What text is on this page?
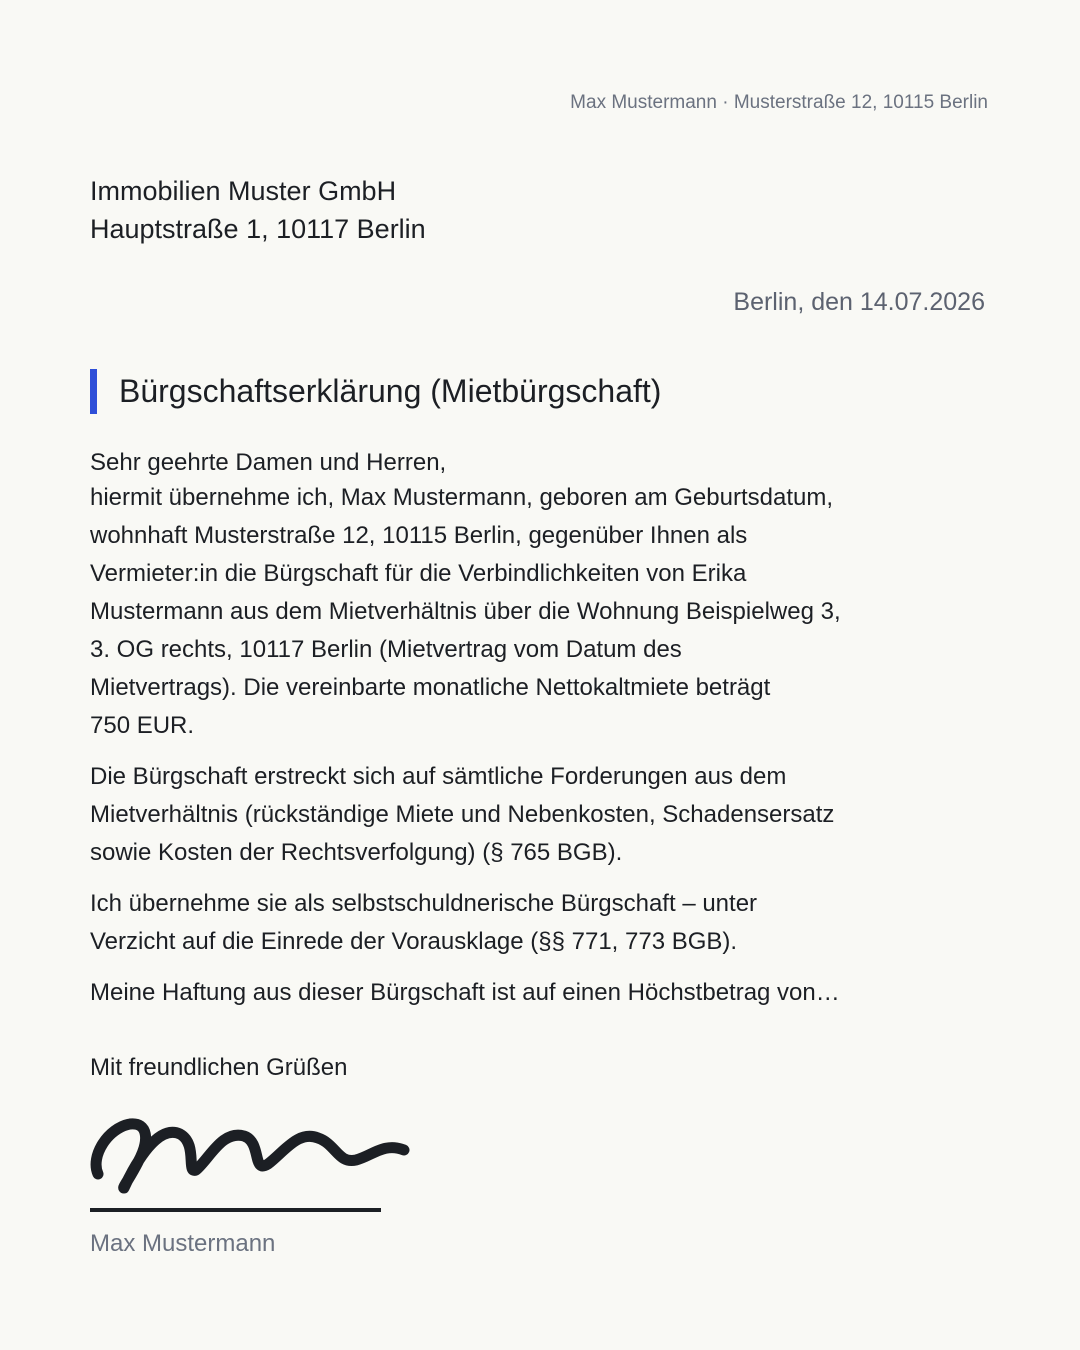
Max Mustermann · Musterstraße 12, 10115 Berlin
Immobilien Muster GmbH
Hauptstraße 1, 10117 Berlin
Berlin, den 14.07.2026
Bürgschaftserklärung (Mietbürgschaft)
Sehr geehrte Damen und Herren,
hiermit übernehme ich, Max Mustermann, geboren am Geburtsdatum,
wohnhaft Musterstraße 12, 10115 Berlin, gegenüber Ihnen als
Vermieter:in die Bürgschaft für die Verbindlichkeiten von Erika
Mustermann aus dem Mietverhältnis über die Wohnung Beispielweg 3,
3. OG rechts, 10117 Berlin (Mietvertrag vom Datum des
Mietvertrags). Die vereinbarte monatliche Nettokaltmiete beträgt
750 EUR.
Die Bürgschaft erstreckt sich auf sämtliche Forderungen aus dem
Mietverhältnis (rückständige Miete und Nebenkosten, Schadensersatz
sowie Kosten der Rechtsverfolgung) (§ 765 BGB).
Ich übernehme sie als selbstschuldnerische Bürgschaft – unter
Verzicht auf die Einrede der Vorausklage (§§ 771, 773 BGB).
Meine Haftung aus dieser Bürgschaft ist auf einen Höchstbetrag von…
Mit freundlichen Grüßen
Max Mustermann
